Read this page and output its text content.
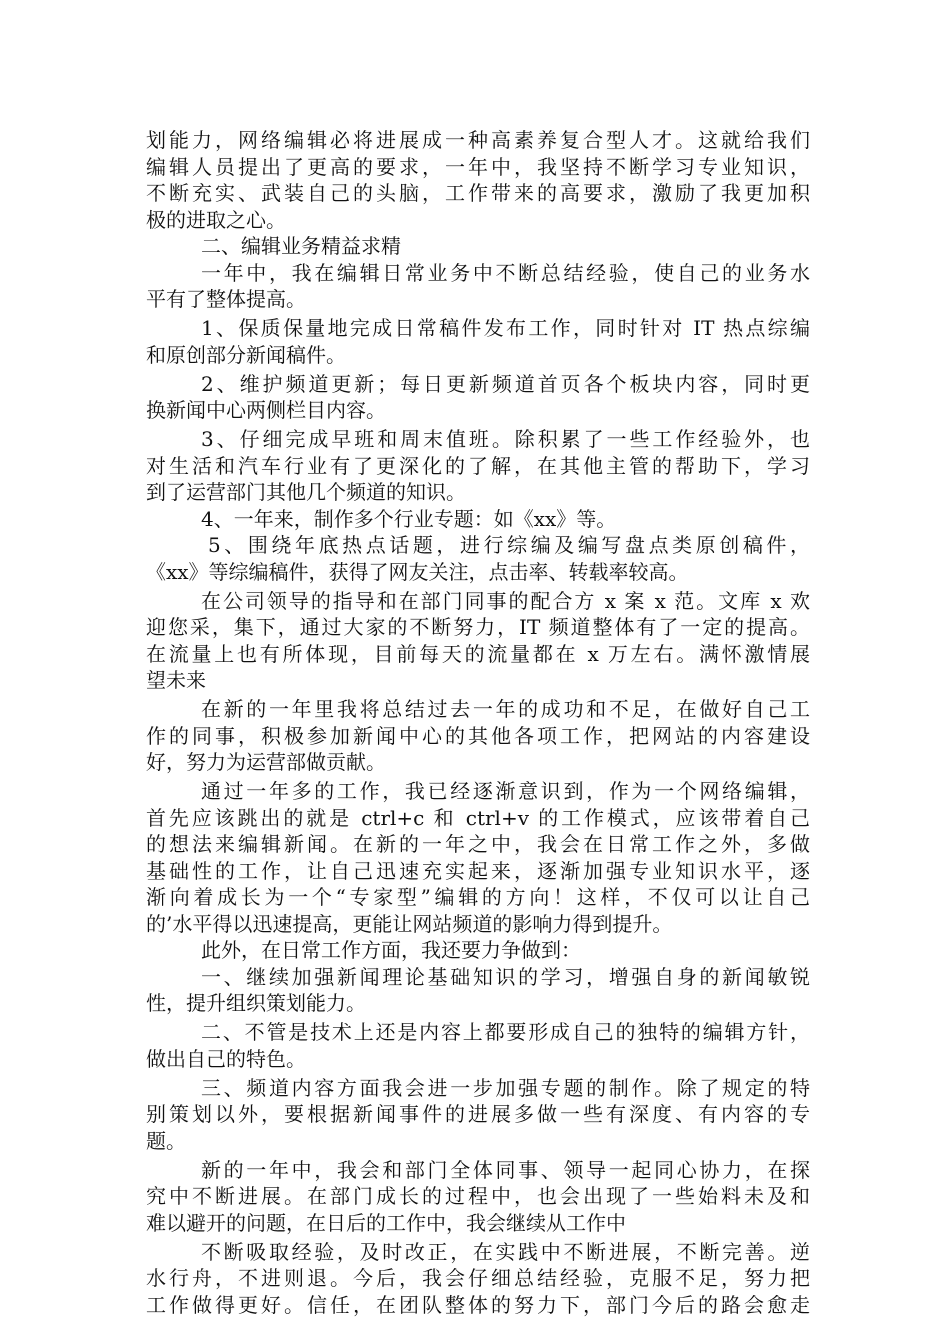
划能力，网络编辑必将进展成一种高素养复合型人才。这就给我们
编辑人员提出了更高的要求，一年中，我坚持不断学习专业知识，
不断充实、武装自己的头脑，工作带来的高要求，激励了我更加积
极的进取之心。
二、编辑业务精益求精
一年中，我在编辑日常业务中不断总结经验，使自己的业务水
平有了整体提高。
1、保质保量地完成日常稿件发布工作，同时针对 IT 热点综编
和原创部分新闻稿件。
2、维护频道更新；每日更新频道首页各个板块内容，同时更
换新闻中心两侧栏目内容。
3、仔细完成早班和周末值班。除积累了一些工作经验外，也
对生活和汽车行业有了更深化的了解，在其他主管的帮助下，学习
到了运营部门其他几个频道的知识。
4、一年来，制作多个行业专题：如《xx》等。
5、围绕年底热点话题，进行综编及编写盘点类原创稿件，
《xx》等综编稿件，获得了网友关注，点击率、转载率较高。
在公司领导的指导和在部门同事的配合方 x 案 x 范。文库 x 欢
迎您采，集下，通过大家的不断努力，IT 频道整体有了一定的提高。
在流量上也有所体现，目前每天的流量都在 x 万左右。满怀激情展
望未来
在新的一年里我将总结过去一年的成功和不足，在做好自己工
作的同事，积极参加新闻中心的其他各项工作，把网站的内容建设
好，努力为运营部做贡献。
通过一年多的工作，我已经逐渐意识到，作为一个网络编辑，
首先应该跳出的就是 ctrl+c 和 ctrl+v 的工作模式，应该带着自己
的想法来编辑新闻。在新的一年之中，我会在日常工作之外，多做
基础性的工作，让自己迅速充实起来，逐渐加强专业知识水平，逐
渐向着成长为一个“专家型”编辑的方向！这样，不仅可以让自己
的’水平得以迅速提高，更能让网站频道的影响力得到提升。
此外，在日常工作方面，我还要力争做到：
一、继续加强新闻理论基础知识的学习，增强自身的新闻敏锐
性，提升组织策划能力。
二、不管是技术上还是内容上都要形成自己的独特的编辑方针，
做出自己的特色。
三、频道内容方面我会进一步加强专题的制作。除了规定的特
别策划以外，要根据新闻事件的进展多做一些有深度、有内容的专
题。
新的一年中，我会和部门全体同事、领导一起同心协力，在探
究中不断进展。在部门成长的过程中，也会出现了一些始料未及和
难以避开的问题，在日后的工作中，我会继续从工作中
不断吸取经验，及时改正，在实践中不断进展，不断完善。逆
水行舟，不进则退。今后，我会仔细总结经验，克服不足，努力把
工作做得更好。信任，在团队整体的努力下，部门今后的路会愈走
